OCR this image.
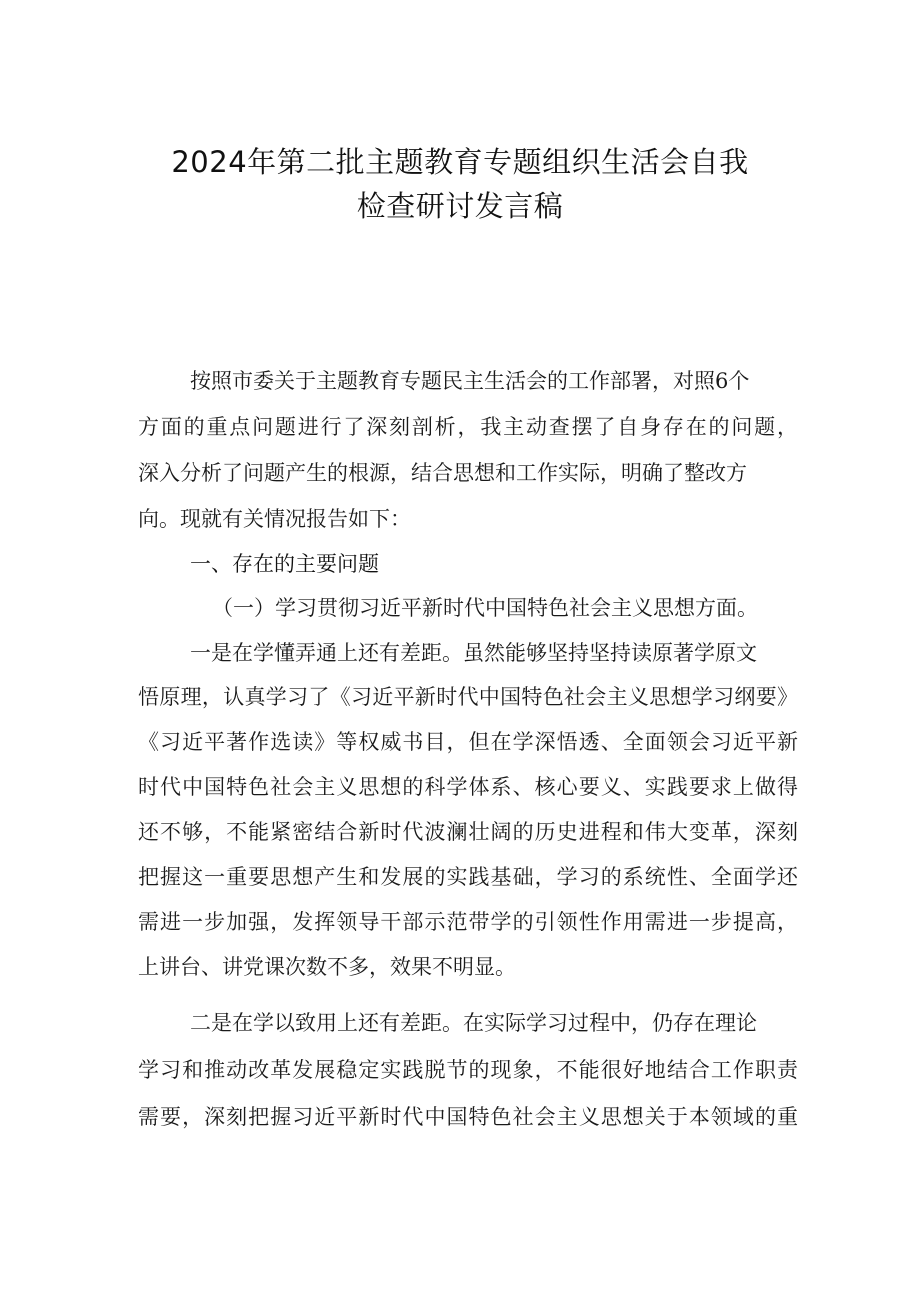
2024年第二批主题教育专题组织生活会自我
检查研讨发言稿

按照市委关于主题教育专题民主生活会的工作部署，对照6个

方面的重点问题进行了深刻剖析，我主动查摆了自身存在的问题，

深入分析了问题产生的根源，结合思想和工作实际，明确了整改方

向。现就有关情况报告如下：

一、存在的主要问题

（一）学习贯彻习近平新时代中国特色社会主义思想方面。

一是在学懂弄通上还有差距。虽然能够坚持坚持读原著学原文

悟原理，认真学习了《习近平新时代中国特色社会主义思想学习纲要》

《习近平著作选读》等权威书目，但在学深悟透、全面领会习近平新

时代中国特色社会主义思想的科学体系、核心要义、实践要求上做得

还不够，不能紧密结合新时代波澜壮阔的历史进程和伟大变革，深刻

把握这一重要思想产生和发展的实践基础，学习的系统性、全面学还

需进一步加强，发挥领导干部示范带学的引领性作用需进一步提高，

上讲台、讲党课次数不多，效果不明显。

二是在学以致用上还有差距。在实际学习过程中，仍存在理论

学习和推动改革发展稳定实践脱节的现象，不能很好地结合工作职责

需要，深刻把握习近平新时代中国特色社会主义思想关于本领域的重
